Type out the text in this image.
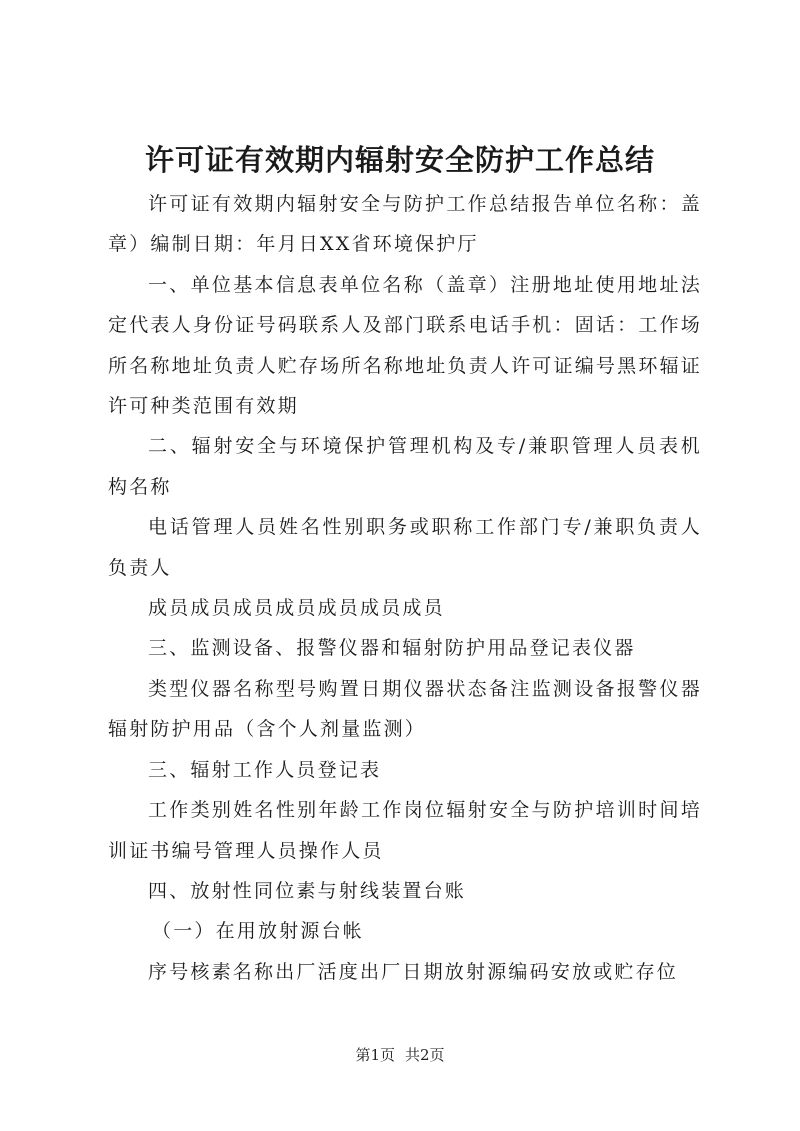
许可证有效期内辐射安全防护工作总结

许可证有效期内辐射安全与防护工作总结报告单位名称：盖章）编制日期：年月日XX省环境保护厅

一、单位基本信息表单位名称（盖章）注册地址使用地址法定代表人身份证号码联系人及部门联系电话手机：固话：工作场所名称地址负责人贮存场所名称地址负责人许可证编号黑环辐证许可种类范围有效期

二、辐射安全与环境保护管理机构及专/兼职管理人员表机构名称

电话管理人员姓名性别职务或职称工作部门专/兼职负责人负责人

成员成员成员成员成员成员成员

三、监测设备、报警仪器和辐射防护用品登记表仪器

类型仪器名称型号购置日期仪器状态备注监测设备报警仪器辐射防护用品（含个人剂量监测）

三、辐射工作人员登记表

工作类别姓名性别年龄工作岗位辐射安全与防护培训时间培训证书编号管理人员操作人员

四、放射性同位素与射线装置台账

（一）在用放射源台帐

序号核素名称出厂活度出厂日期放射源编码安放或贮存位

第1页 共2页
